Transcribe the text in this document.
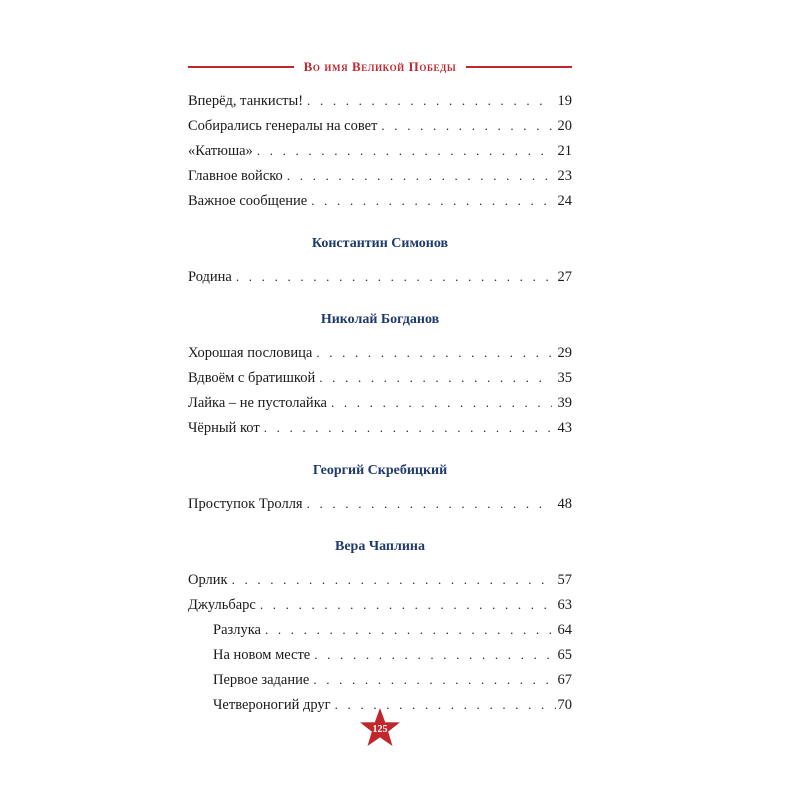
Во имя Великой Победы
Вперёд, танкисты! . . .	19
Собирались генералы на совет . . .	20
«Катюша» . . .	21
Главное войско . . .	23
Важное сообщение . . .	24
Константин Симонов
Родина . . .	27
Николай Богданов
Хорошая пословица . . .	29
Вдвоём с братишкой . . .	35
Лайка – не пустолайка . . .	39
Чёрный кот . . .	43
Георгий Скребицкий
Проступок Тролля . . .	48
Вера Чаплина
Орлик . . .	57
Джульбарс . . .	63
Разлука . . .	64
На новом месте . . .	65
Первое задание . . .	67
Четвероногий друг . . .	70
125
